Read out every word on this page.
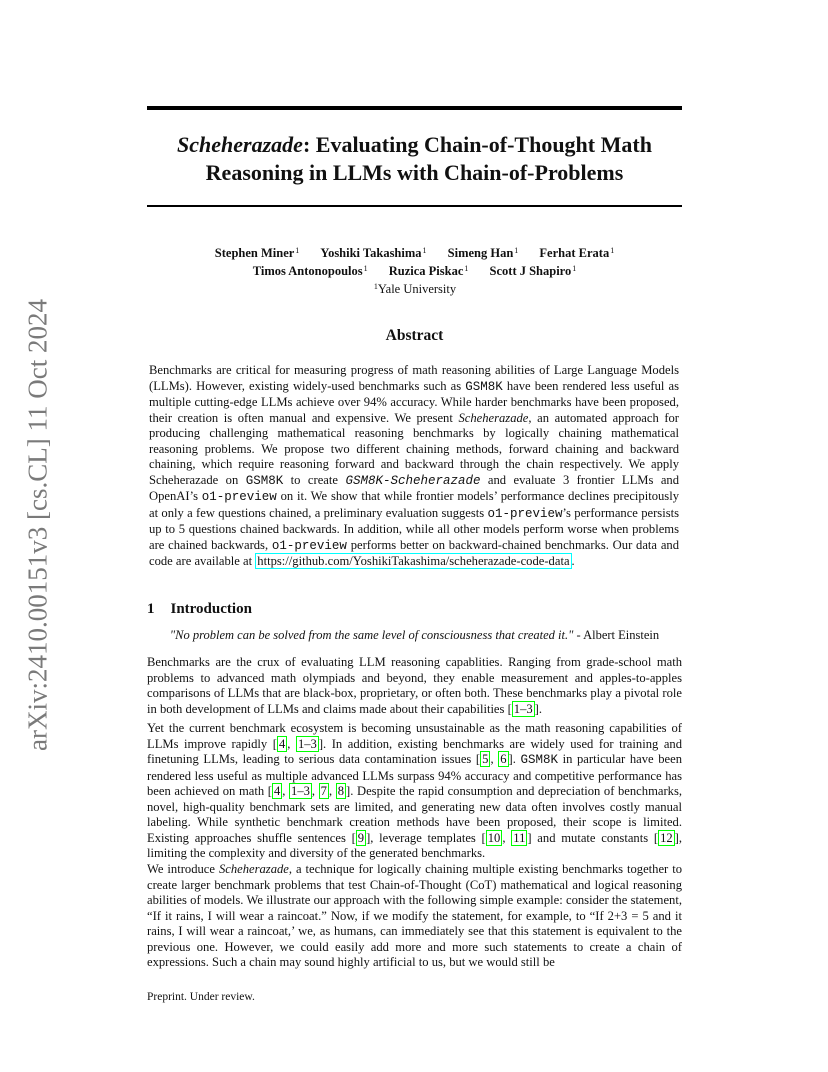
arXiv:2410.00151v3 [cs.CL] 11 Oct 2024
Scheherazade: Evaluating Chain-of-Thought Math
Reasoning in LLMs with Chain-of-Problems
Stephen Miner$^1$ Yoshiki Takashima$^1$ Simeng Han$^1$ Ferhat Erata$^1$
Timos Antonopoulos$^1$ Ruzica Piskac$^1$ Scott J Shapiro$^1$
$^1$Yale University
Abstract
Benchmarks are critical for measuring progress of math reasoning abilities of Large Language Models (LLMs). However, existing widely-used benchmarks such as GSM8K have been rendered less useful as multiple cutting-edge LLMs achieve over 94% accuracy. While harder benchmarks have been proposed, their creation is often manual and expensive. We present Scheherazade, an automated approach for producing challenging mathematical reasoning benchmarks by logically chaining mathematical reasoning problems. We propose two different chaining methods, forward chaining and backward chaining, which require reasoning forward and backward through the chain respectively. We apply Scheherazade on GSM8K to create GSM8K-Scheherazade and evaluate 3 frontier LLMs and OpenAI’s o1-preview on it. We show that while frontier models’ performance declines precipitously at only a few questions chained, a preliminary evaluation suggests o1-preview’s performance persists up to 5 questions chained backwards. In addition, while all other models perform worse when problems are chained backwards, o1-preview performs better on backward-chained benchmarks. Our data and code are available at https://github.com/YoshikiTakashima/scheherazade-code-data .
1 Introduction
"No problem can be solved from the same level of consciousness that created it." - Albert Einstein
Benchmarks are the crux of evaluating LLM reasoning capablities. Ranging from grade-school math problems to advanced math olympiads and beyond, they enable measurement and apples-to-apples comparisons of LLMs that are black-box, proprietary, or often both. These benchmarks play a pivotal role in both development of LLMs and claims made about their capabilities [ 1–3 ].
Yet the current benchmark ecosystem is becoming unsustainable as the math reasoning capabilities of LLMs improve rapidly [ 4 , 1–3 ]. In addition, existing benchmarks are widely used for training and finetuning LLMs, leading to serious data contamination issues [ 5 , 6 ]. GSM8K in particular have been rendered less useful as multiple advanced LLMs surpass 94% accuracy and competitive performance has been achieved on math [ 4 , 1–3 , 7 , 8 ]. Despite the rapid consumption and depreciation of benchmarks, novel, high-quality benchmark sets are limited, and generating new data often involves costly manual labeling. While synthetic benchmark creation methods have been proposed, their scope is limited. Existing approaches shuffle sentences [ 9 ], leverage templates [ 10 , 11 ] and mutate constants [ 12 ], limiting the complexity and diversity of the generated benchmarks.
We introduce Scheherazade, a technique for logically chaining multiple existing benchmarks together to create larger benchmark problems that test Chain-of-Thought (CoT) mathematical and logical reasoning abilities of models. We illustrate our approach with the following simple example: consider the statement, “If it rains, I will wear a raincoat.” Now, if we modify the statement, for example, to “If 2+3 = 5 and it rains, I will wear a raincoat,’ we, as humans, can immediately see that this statement is equivalent to the previous one. However, we could easily add more and more such statements to create a chain of expressions. Such a chain may sound highly artificial to us, but we would still be
Preprint. Under review.
